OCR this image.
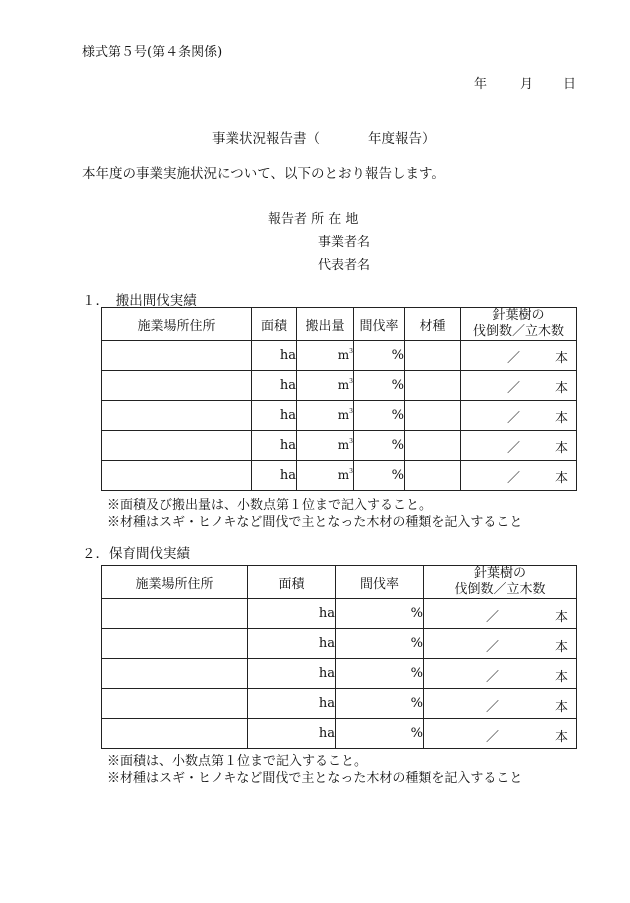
様式第５号(第４条関係)
年	月 日
事業状況報告書（	年度報告）
本年度の事業実施状況について、以下のとおり報告します。
報告者 所 在 地
事業者名
代表者名
１．　搬出間伐実績
施業場所住所	面積	搬出量	間伐率	材種	針葉樹の
伐倒数／立木数

	ha	$m^3$	%		／ 本

	ha	$m^3$	%		／ 本

	ha	$m^3$	%		／ 本

	ha	$m^3$	%		／ 本

	ha	$m^3$	%		／ 本
※面積及び搬出量は、小数点第１位まで記入すること。
※材種はスギ・ヒノキなど間伐で主となった木材の種類を記入すること
２．保育間伐実績
施業場所住所	面積	間伐率	針葉樹の
伐倒数／立木数

	ha	%	／ 本

	ha	%	／ 本

	ha	%	／ 本

	ha	%	／ 本

	ha	%	／ 本
※面積は、小数点第１位まで記入すること。
※材種はスギ・ヒノキなど間伐で主となった木材の種類を記入すること
